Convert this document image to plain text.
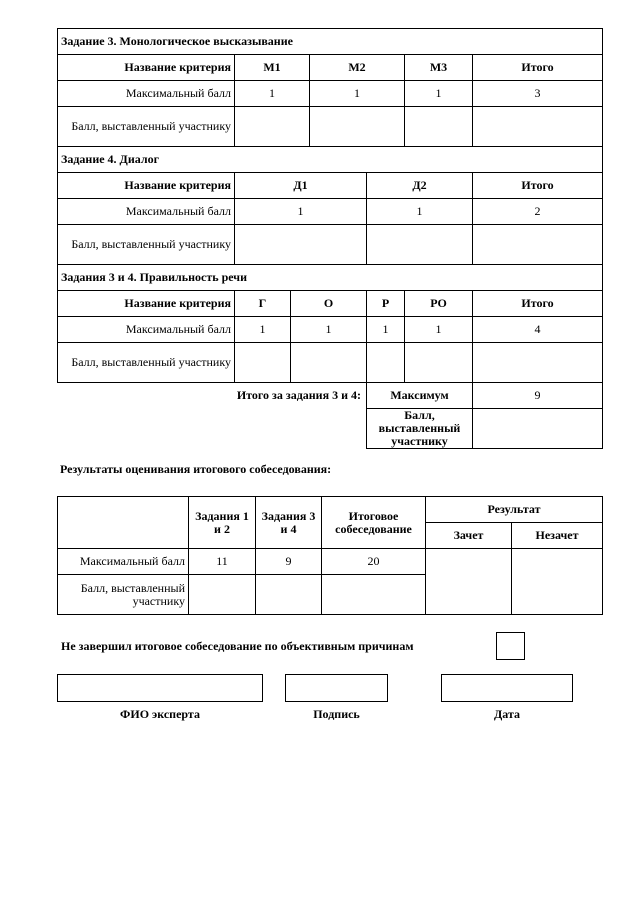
Задание 3. Монологическое высказывание						
Название критерия	М1		М2		М3	Итого
Максимальный балл	1		1		1	3
Балл, выставленный участнику						
Задание 4. Диалог						
Название критерия	Д1			Д2		Итого
Максимальный балл	1			1		2
Балл, выставленный участнику						
Задания 3 и 4. Правильность речи						
Название критерия	Г	О		Р	РО	Итого
Максимальный балл	1	1		1	1	4
Балл, выставленный участнику						
Итого за задания 3 и 4:				Максимум		9
				Балл, выставленный участнику		
Результаты оценивания итогового собеседования:
	Задания 1 и 2	Задания 3 и 4	Итоговое собеседование	Результат	
				Зачет	Незачет
Максимальный балл	11	9	20		
Балл, выставленный участнику					
Не завершил итоговое собеседование по объективным причинам
ФИО эксперта	Подпись	Дата
